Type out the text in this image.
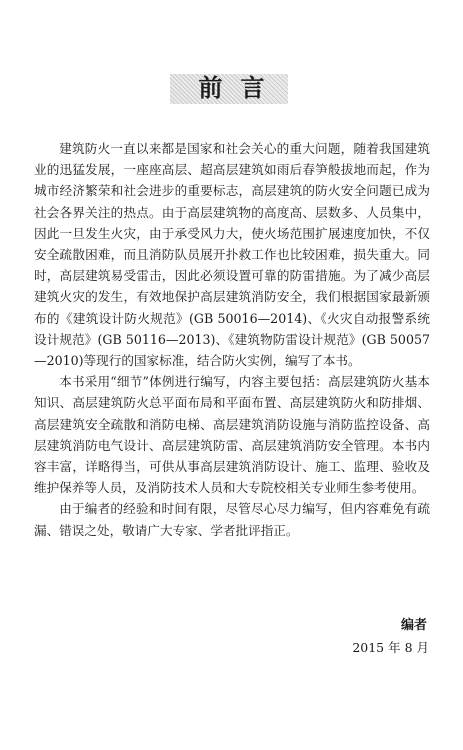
前言

建筑防火一直以来都是国家和社会关心的重大问题，随着我国建筑业的迅猛发展，一座座高层、超高层建筑如雨后春笋般拔地而起，作为城市经济繁荣和社会进步的重要标志，高层建筑的防火安全问题已成为社会各界关注的热点。由于高层建筑物的高度高、层数多、人员集中，因此一旦发生火灾，由于承受风力大，使火场范围扩展速度加快，不仅安全疏散困难，而且消防队员展开扑救工作也比较困难，损失重大。同时，高层建筑易受雷击，因此必须设置可靠的防雷措施。为了减少高层建筑火灾的发生，有效地保护高层建筑消防安全，我们根据国家最新颁布的《建筑设计防火规范》(GB 50016—2014)、《火灾自动报警系统设计规范》(GB 50116—2013)、《建筑物防雷设计规范》(GB 50057—2010)等现行的国家标准，结合防火实例，编写了本书。

本书采用“细节”体例进行编写，内容主要包括：高层建筑防火基本知识、高层建筑防火总平面布局和平面布置、高层建筑防火和防排烟、高层建筑安全疏散和消防电梯、高层建筑消防设施与消防监控设备、高层建筑消防电气设计、高层建筑防雷、高层建筑消防安全管理。本书内容丰富，详略得当，可供从事高层建筑消防设计、施工、监理、验收及维护保养等人员，及消防技术人员和大专院校相关专业师生参考使用。

由于编者的经验和时间有限，尽管尽心尽力编写，但内容难免有疏漏、错误之处，敬请广大专家、学者批评指正。

编者
2015 年 8 月
